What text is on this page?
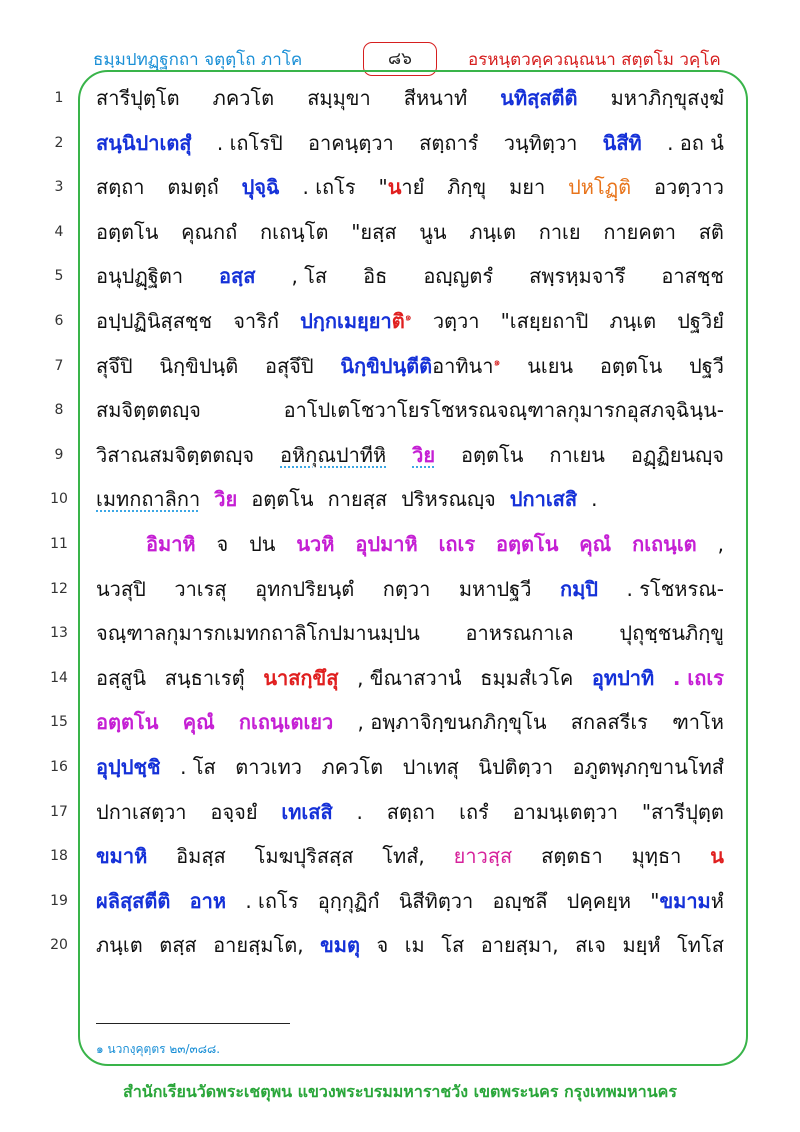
ธมฺมปทฏฺฐกถา จตุตฺโถ ภาโค	๘๖	อรหนฺตวคฺควณฺณนา สตฺตโม วคฺโค
1	สารีปุตฺโต ภควโต สมฺมุขา สีหนาทํ นทิสฺสตีติ มหาภิกฺขุสงฺฆํ
2	สนฺนิปาเตสุํ . เถโรปิ อาคนฺตฺวา สตฺถารํ วนฺทิตฺวา นิสีทิ . อถ นํ
3	สตฺถา ตมตฺถํ ปุจฺฉิ . เถโร "นายํ ภิกฺขุ มยา ปหโฏฺติ อวตฺวาว
4	อตฺตโน คุณกถํ กเถนฺโต "ยสฺส นูน ภนฺเต กาเย กายคตา สติ
5	อนุปฏฺฐิตา อสฺส , โส อิธ อญฺญตรํ สพฺรหฺมจารึ อาสชฺช
6	อปฺปฏินิสฺสชฺช จาริกํ ปกฺกเมยฺยาติ$^๑$ วตฺวา "เสยฺยถาปิ ภนฺเต ปฐวิยํ
7	สุจึปิ นิกฺขิปนฺติ อสุจึปิ นิกฺขิปนฺตีติอาทินา$^๑$ นเยน อตฺตโน ปฐวี
8	สมจิตฺตตญฺจ	อาโปเตโชวาโยรโชหรณจณฺฑาลกุมารกอุสภจฺฉินฺน-
9	วิสาณสมจิตฺตตญฺจ อหิกุณปาทีหิ วิย อตฺตโน กาเยน อฏฺฏิยนญฺจ
10	เมทกถาลิกา วิย อตฺตโน กายสฺส ปริหรณญฺจ ปกาเสสิ .
11	อิมาหิ จ ปน นวหิ อุปมาหิ เถเร อตฺตโน คุณํ กเถนฺเต ,
12	นวสุปิ วาเรสุ อุทกปริยนฺตํ กตฺวา มหาปฐวี กมฺปิ . รโชหรณ-
13	จณฺฑาลกุมารกเมทกถาลิโกปมานมฺปน อาหรณกาเล ปุถุชฺชนภิกฺขู
14	อสฺสูนิ สนฺธาเรตุํ นาสกฺขึสุ , ขีณาสวานํ ธมฺมสํเวโค อุทปาทิ . เถเร
15	อตฺตโน คุณํ กเถนฺเตเยว , อพฺภาจิกฺขนกภิกฺขุโน สกลสรีเร ฑาโห
16	อุปฺปชฺชิ . โส ตาวเทว ภควโต ปาเทสุ นิปติตฺวา อภูตพฺภกฺขานโทสํ
17	ปกาเสตฺวา อจฺจยํ เทเสสิ . สตฺถา เถรํ อามนฺเตตฺวา "สารีปุตฺต
18	ขมาหิ อิมสฺส โมฆปุริสสฺส โทสํ, ยาวสฺส สตฺตธา มุทฺธา น
19	ผลิสฺสตีติ อาห . เถโร อุกฺกุฏิกํ นิสีทิตฺวา อญฺชลึ ปคฺคยฺห "ขมามหํ
20	ภนฺเต ตสฺส อายสฺมโต, ขมตุ จ เม โส อายสฺมา, สเจ มยฺหํ โทโส
๑ นวกงฺคุตฺตร ๒๓/๓๘๘.
สำนักเรียนวัดพระเชตุพน แขวงพระบรมมหาราชวัง เขตพระนคร กรุงเทพมหานคร
